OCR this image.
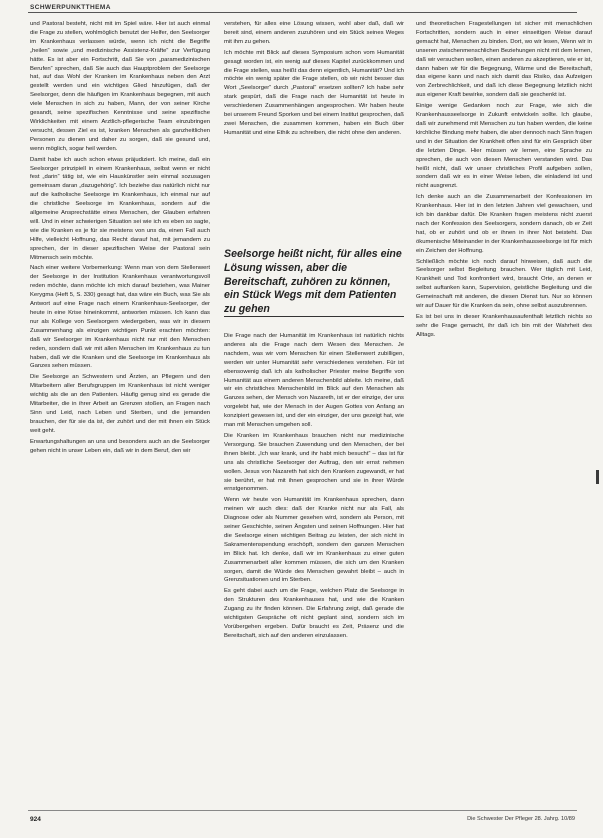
SCHWERPUNKTTHEMA

und Pastoral besteht, nicht mit im Spiel wäre. Hier ist auch einmal die Frage zu stellen, wohlmöglich benutzt der Helfer, den Seelsorger im Krankenhaus verlassen würde, wenn ich nicht die Begriffe „heilen“ sowie „und medizinische Assistenz-Kräfte“ zur Verfügung hätte. Es ist aber ein Fortschritt, daß Sie von „paramedizinischen Berufen“ sprechen, daß Sie auch das Hauptproblem der Seelsorge hat, auf das Wohl der Kranken im Krankenhaus neben den Arzt gestellt werden und ein wichtiges Glied hinzufügen, daß der Seelsorger, denn die häufigen im Krankenhaus begegnen, mit auch viele Menschen in sich zu haben, Mann, der von seiner Kirche gesandt, seine spezifischen Kenntnisse und seine spezifische Wirklichkeiten mit einem Arztlich-pflegerische Team einzubringen versucht, dessen Ziel es ist, kranken Menschen als ganzheitlichen Personen zu dienen und daher zu sorgen, daß sie gesund und, wenn möglich, sogar heil werden.

Damit habe ich auch schon etwas präjudiziert. Ich meine, daß ein Seelsorger prinzipiell in einem Krankenhaus, selbst wenn er nicht fest „darin“ tätig ist, wie ein Hauskünstler sein einmal sozusagen gemeinsam daran „dazugehörig“. Ich beziehe das natürlich nicht nur auf die katholische Seelsorge im Krankenhaus, ich einmal nur auf die christliche Seelsorge im Krankenhaus, sondern auf die allgemeine Ansprechstätte eines Menschen, der Glauben erfahren will. Und in einer schwierigen Situation sei wie ich es eben so sagte, wie die Kranken es je für sie meistens von uns da, einen Fall auch Hilfe, vielleicht Hoffnung, das Recht darauf hat, mit jemandem zu sprechen, der in dieser spezifischen Weise der Pastoral sein Mitmensch sein möchte.

Nach einer weitere Vorbemerkung: Wenn man von dem Stellenwert der Seelsorge in der Institution Krankenhaus verantwortungsvoll reden möchte, dann möchte ich mich darauf beziehen, was Mainer Kerygma (Heft 5, S. 330) gesagt hat, das wäre ein Buch, was Sie als Antwort auf eine Frage nach einem Krankenhaus-Seelsorger, der heute in eine Krise hineinkommt, antworten müssen. Ich kann das nur als Kollege von Seelsorgern wiedergeben, was wir in diesem Zusammenhang als einzigen wichtigen Punkt erachten möchten: daß wir Seelsorger im Krankenhaus nicht nur mit den Menschen reden, sondern daß wir mit allen Menschen im Krankenhaus zu tun haben, daß wir die Kranken und die Seelsorge im Krankenhaus als Ganzes sehen müssen.

Die Seelsorge an Schwestern und Ärzten, an Pflegern und den Mitarbeitern aller Berufsgruppen im Krankenhaus ist nicht weniger wichtig als die an den Patienten. Häufig genug sind es gerade die Mitarbeiter, die in ihrer Arbeit an Grenzen stoßen, an Fragen nach Sinn und Leid, nach Leben und Sterben, und die jemanden brauchen, der für sie da ist, der zuhört und der mit ihnen ein Stück weit geht.

Erwartungshaltungen an uns und besonders auch an die Seelsorger gehen nicht in unser Leben ein, daß wir in dem Beruf, den wir

verstehen, für alles eine Lösung wissen, wohl aber daß, daß wir bereit sind, einem anderen zuzuhören und ein Stück seines Weges mit ihm zu gehen.

Ich möchte mit Blick auf dieses Symposium schon vom Humanität gesagt worden ist, ein wenig auf dieses Kapitel zurückkommen und die Frage stellen, was heißt das denn eigentlich, Humanität? Und ich möchte ein wenig später die Frage stellen, ob wir nicht besser das Wort „Seelsorger“ durch „Pastoral“ ersetzen sollten? Ich habe sehr stark gespürt, daß die Frage nach der Humanität ist heute in verschiedenen Zusammenhängen angesprochen. Wir haben heute bei unserem Freund Sporken und bei einem Institut gesprochen, daß zwei Menschen, die zusammen kommen, haben ein Buch über Humanität und eine Ethik zu schreiben, die nicht ohne den anderen.

Die Frage nach der Humanität im Krankenhaus ist natürlich nichts anderes als die Frage nach dem Wesen des Menschen. Je nachdem, was wir vom Menschen für einen Stellenwert zubilligen, werden wir unter Humanität sehr verschiedenes verstehen. Für ist ebensowenig daß ich als katholischer Priester meine Begriffe von Humanität aus einem anderen Menschenbild ableite. Ich meine, daß wir ein christliches Menschenbild im Blick auf den Menschen als Ganzes sehen, der Mensch von Nazareth, ist er der einzige, der uns vorgelebt hat, wie der Mensch in der Augen Gottes von Anfang an konzipiert gewesen ist, und der ein einziger, der uns gezeigt hat, wie man mit Menschen umgehen soll.

Die Kranken im Krankenhaus brauchen nicht nur medizinische Versorgung. Sie brauchen Zuwendung und den Menschen, der bei ihnen bleibt. „Ich war krank, und ihr habt mich besucht“ – das ist für uns als christliche Seelsorger der Auftrag, den wir ernst nehmen wollen. Jesus von Nazareth hat sich den Kranken zugewandt, er hat sie berührt, er hat mit ihnen gesprochen und sie in ihrer Würde ernstgenommen.

Wenn wir heute von Humanität im Krankenhaus sprechen, dann meinen wir auch dies: daß der Kranke nicht nur als Fall, als Diagnose oder als Nummer gesehen wird, sondern als Person, mit seiner Geschichte, seinen Ängsten und seinen Hoffnungen. Hier hat die Seelsorge einen wichtigen Beitrag zu leisten, der sich nicht in Sakramentenspendung erschöpft, sondern den ganzen Menschen im Blick hat. Ich denke, daß wir im Krankenhaus zu einer guten Zusammenarbeit aller kommen müssen, die sich um den Kranken sorgen, damit die Würde des Menschen gewahrt bleibt – auch in Grenzsituationen und im Sterben.

Es geht dabei auch um die Frage, welchen Platz die Seelsorge in den Strukturen des Krankenhauses hat, und wie die Kranken Zugang zu ihr finden können. Die Erfahrung zeigt, daß gerade die wichtigsten Gespräche oft nicht geplant sind, sondern sich im Vorübergehen ergeben. Dafür braucht es Zeit, Präsenz und die Bereitschaft, sich auf den anderen einzulassen.

Seelsorge heißt nicht, für alles eine Lösung wissen, aber die Bereitschaft, zuhören zu können, ein Stück Wegs mit dem Patienten zu gehen

und theoretischen Fragestellungen ist sicher mit menschlichen Fortschritten, sondern auch in einer einseitigen Weise darauf gemacht hat, Menschen zu binden. Dort, wo wir lesen, Wenn wir in unseren zwischenmenschlichen Beziehungen nicht mit dem lernen, daß wir versuchen wollen, einen anderen zu akzeptieren, wie er ist, dann haben wir für die Begegnung, Wärme und die Bereitschaft, das eigene kann und nach sich damit das Risiko, das Aufzeigen von Zerbrechlichkeit, und daß ich diese Begegnung letztlich nicht aus eigener Kraft bewirke, sondern daß sie geschenkt ist.

Einige wenige Gedanken noch zur Frage, wie sich die Krankenhausseelsorge in Zukunft entwickeln sollte. Ich glaube, daß wir zunehmend mit Menschen zu tun haben werden, die keine kirchliche Bindung mehr haben, die aber dennoch nach Sinn fragen und in der Situation der Krankheit offen sind für ein Gespräch über die letzten Dinge. Hier müssen wir lernen, eine Sprache zu sprechen, die auch von diesen Menschen verstanden wird. Das heißt nicht, daß wir unser christliches Profil aufgeben sollen, sondern daß wir es in einer Weise leben, die einladend ist und nicht ausgrenzt.

Ich denke auch an die Zusammenarbeit der Konfessionen im Krankenhaus. Hier ist in den letzten Jahren viel gewachsen, und ich bin dankbar dafür. Die Kranken fragen meistens nicht zuerst nach der Konfession des Seelsorgers, sondern danach, ob er Zeit hat, ob er zuhört und ob er ihnen in ihrer Not beisteht. Das ökumenische Miteinander in der Krankenhausseelsorge ist für mich ein Zeichen der Hoffnung.

Schließlich möchte ich noch darauf hinweisen, daß auch die Seelsorger selbst Begleitung brauchen. Wer täglich mit Leid, Krankheit und Tod konfrontiert wird, braucht Orte, an denen er selbst auftanken kann, Supervision, geistliche Begleitung und die Gemeinschaft mit anderen, die diesen Dienst tun. Nur so können wir auf Dauer für die Kranken da sein, ohne selbst auszubrennen.

Es ist bei uns in dieser Krankenhausaufenthalt letztlich nichts so sehr die Frage gemacht, ihr daß ich bin mit der Wahrheit des Alltags.

924	Die Schwester Der Pfleger 28. Jahrg. 10/89
